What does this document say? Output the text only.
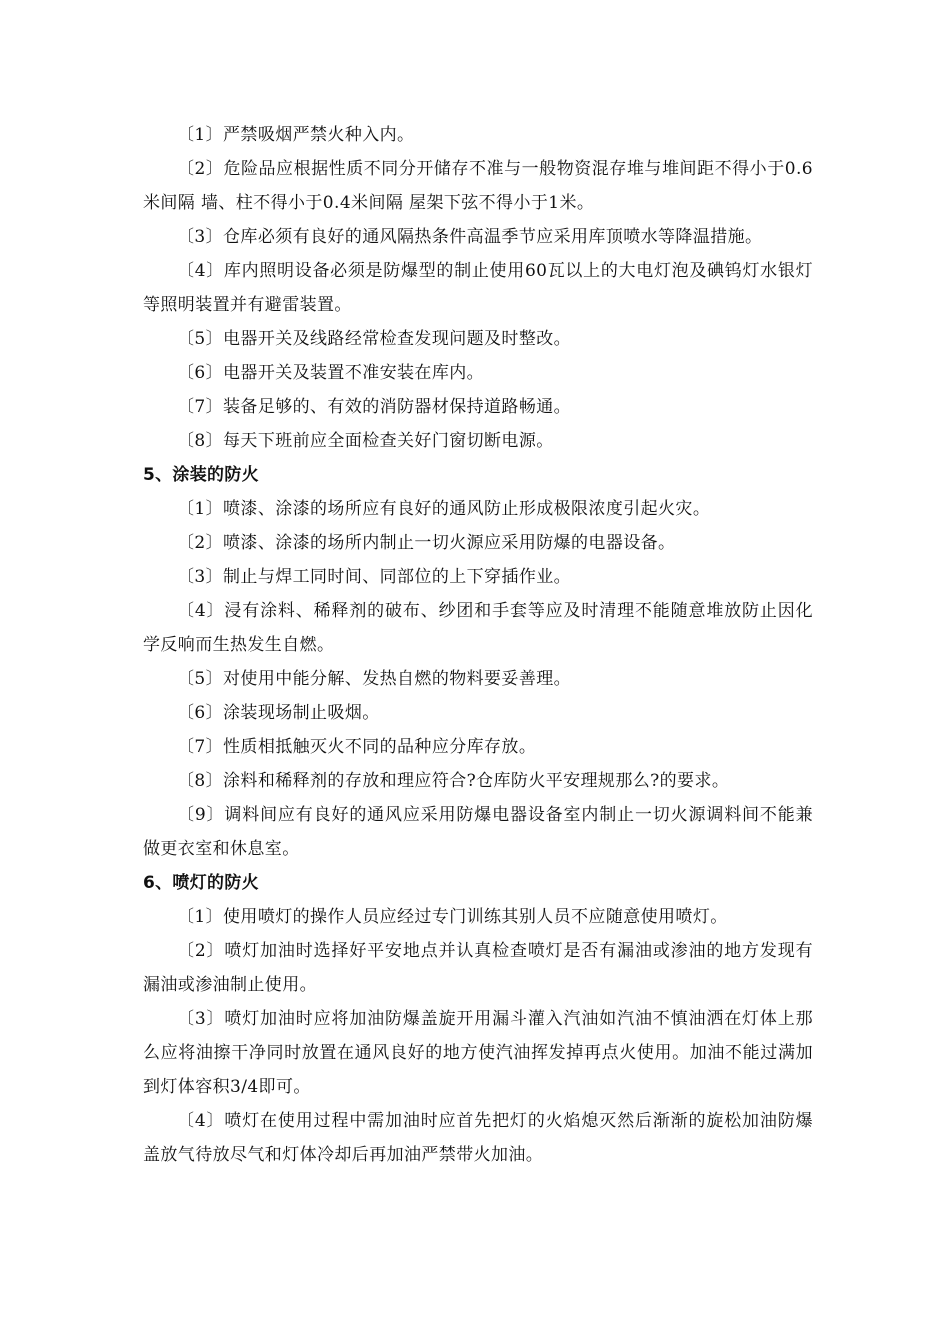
〔1〕严禁吸烟严禁火种入内。

〔2〕危险品应根据性质不同分开储存不准与一般物资混存堆与堆间距不得小于0.6米间隔 墙、柱不得小于0.4米间隔 屋架下弦不得小于1米。

〔3〕仓库必须有良好的通风隔热条件高温季节应采用库顶喷水等降温措施。

〔4〕库内照明设备必须是防爆型的制止使用60瓦以上的大电灯泡及碘钨灯水银灯等照明装置并有避雷装置。

〔5〕电器开关及线路经常检查发现问题及时整改。

〔6〕电器开关及装置不准安装在库内。

〔7〕装备足够的、有效的消防器材保持道路畅通。

〔8〕每天下班前应全面检查关好门窗切断电源。

5、涂装的防火

〔1〕喷漆、涂漆的场所应有良好的通风防止形成极限浓度引起火灾。

〔2〕喷漆、涂漆的场所内制止一切火源应采用防爆的电器设备。

〔3〕制止与焊工同时间、同部位的上下穿插作业。

〔4〕浸有涂料、稀释剂的破布、纱团和手套等应及时清理不能随意堆放防止因化学反响而生热发生自燃。

〔5〕对使用中能分解、发热自燃的物料要妥善理。

〔6〕涂装现场制止吸烟。

〔7〕性质相抵触灭火不同的品种应分库存放。

〔8〕涂料和稀释剂的存放和理应符合?仓库防火平安理规那么?的要求。

〔9〕调料间应有良好的通风应采用防爆电器设备室内制止一切火源调料间不能兼做更衣室和休息室。

6、喷灯的防火

〔1〕使用喷灯的操作人员应经过专门训练其别人员不应随意使用喷灯。

〔2〕喷灯加油时选择好平安地点并认真检查喷灯是否有漏油或渗油的地方发现有漏油或渗油制止使用。

〔3〕喷灯加油时应将加油防爆盖旋开用漏斗灌入汽油如汽油不慎油洒在灯体上那么应将油擦干净同时放置在通风良好的地方使汽油挥发掉再点火使用。加油不能过满加到灯体容积3/4即可。

〔4〕喷灯在使用过程中需加油时应首先把灯的火焰熄灭然后渐渐的旋松加油防爆盖放气待放尽气和灯体冷却后再加油严禁带火加油。
